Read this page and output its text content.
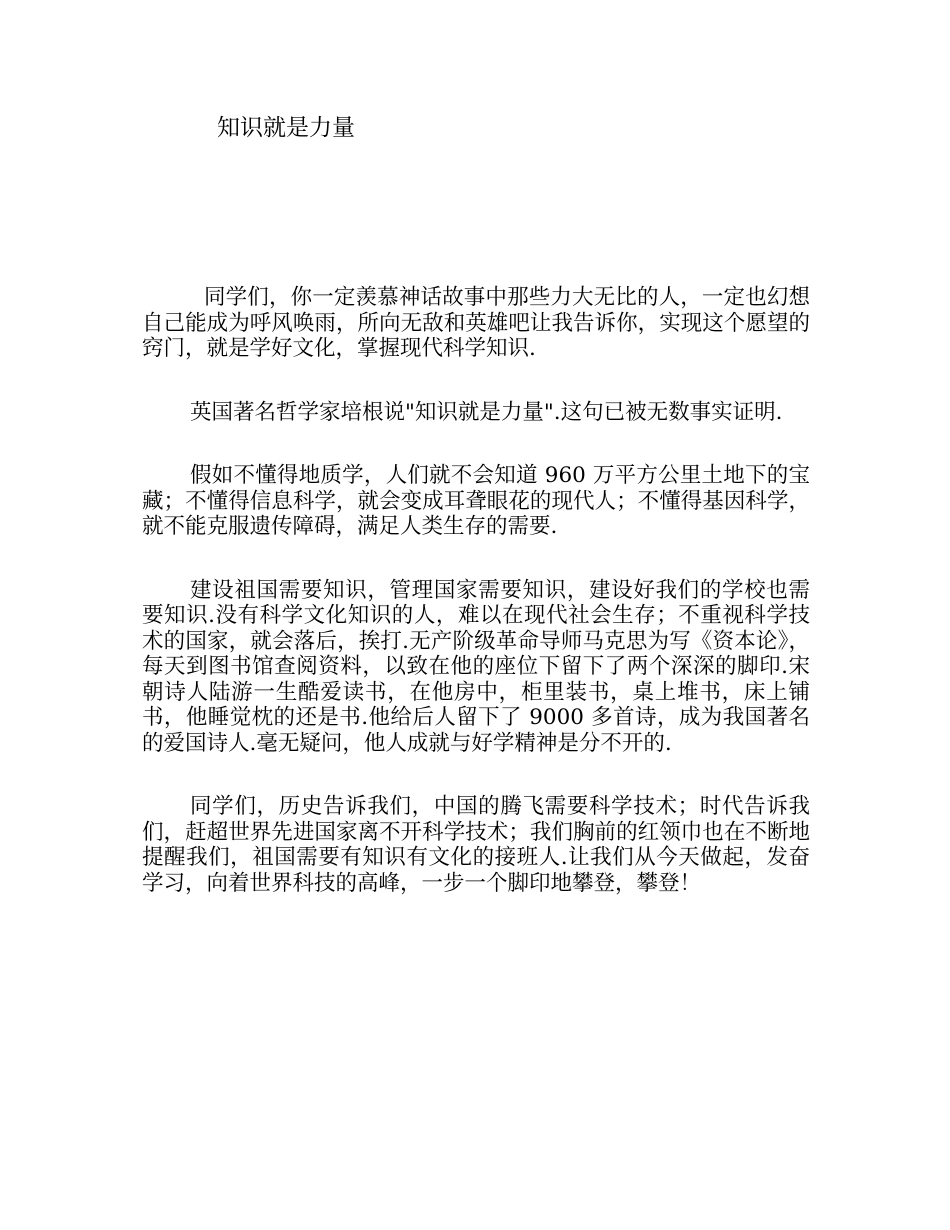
知识就是力量

同学们，你一定羡慕神话故事中那些力大无比的人，一定也幻想自己能成为呼风唤雨，所向无敌和英雄吧让我告诉你，实现这个愿望的窍门，就是学好文化，掌握现代科学知识.

英国著名哲学家培根说"知识就是力量".这句已被无数事实证明.

假如不懂得地质学，人们就不会知道 960 万平方公里土地下的宝藏；不懂得信息科学，就会变成耳聋眼花的现代人；不懂得基因科学，就不能克服遗传障碍，满足人类生存的需要.

建设祖国需要知识，管理国家需要知识，建设好我们的学校也需要知识.没有科学文化知识的人，难以在现代社会生存；不重视科学技术的国家，就会落后，挨打.无产阶级革命导师马克思为写《资本论》，每天到图书馆查阅资料，以致在他的座位下留下了两个深深的脚印.宋朝诗人陆游一生酷爱读书，在他房中，柜里装书，桌上堆书，床上铺书，他睡觉枕的还是书.他给后人留下了 9000 多首诗，成为我国著名的爱国诗人.毫无疑问，他人成就与好学精神是分不开的.

同学们，历史告诉我们，中国的腾飞需要科学技术；时代告诉我们，赶超世界先进国家离不开科学技术；我们胸前的红领巾也在不断地提醒我们，祖国需要有知识有文化的接班人.让我们从今天做起，发奋学习，向着世界科技的高峰，一步一个脚印地攀登，攀登！
